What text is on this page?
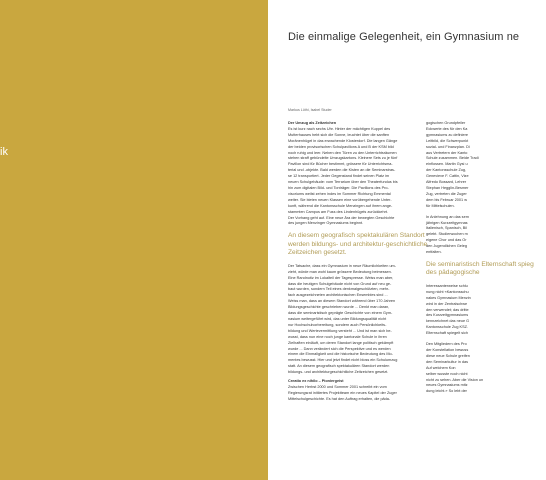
ik
Die einmalige Gelegenheit, ein Gymnasium ne
Markus Lüthi, Isabel Studer

Der Umzug als Zeitzeichen

Es ist kurz nach sechs Uhr. Hinter der mächtigen Kuppel des

Mutterhauses hebt sich die Sonne, leuchtet über die sanften

Moränenhügel in das erwachende Klosterdorf. Die langen Gänge

der beiden provisorischen Schulpavillons A und B der KSM bild

noch ruhig und leer. Neben den Türen zu den Unterrichtsräumen

stehen straff gebündelte Umzugskartons. Kleinere Sets zu je fünf

Pavillon sind für Bücher bestimmt, grössere für Unterrichtsma-

terial und -objekte. Bald werden die Kisten an die Seminarstras-

se 12 transportiert. Jeder Gegenstand findet seinen Platz im

neuen Schulgebäude: vom Terrarium über den Theaterfundus bis

hin zum digitalen Bild- und Tonträger. Die Pavillons des Pro-

visoriums weilst zehen indes im Sommer Richtung Emmental

weiter. Sie bieten neuen Klassen eine vorübergehende Unter-

kunft, während die Kantonsschule Menzingen auf ihrem ange-

stammten Campus am Fuss des Lindenhügels zurückkehrt.

Der Vorhang geht auf. Eine neue Ära der bewegten Geschichte

des jungen Menzinger Gymnasiums beginnt.

An diesem geografisch spektakulären Standort werden bildungs- und architektur-geschichtliche Zeitzeichen gesetzt.

Der Tatsache, dass ein Gymnasium in neue Räumlichkeiten um-

zieht, würde man wohl kaum grössere Bedeutung beimessen.

Eine Randnotiz im Lokalteil der Tagespresse. Weiss man aber,

dass die heutigen Schulgebäude nicht von Grund auf neu ge-

baut wurden, sondern Teil eines denkmalgeschützten, mehr-

fach ausgezeichneten architektonischen Ensembles sind ...

Weiss man, dass an diesem Standort während über 170 Jahren

Bildungsgeschichte geschrieben wurde ... Denkt man daran,

dass die seminaristisch geprägte Geschichte von einem Gym-

nasium weitergeführt wird, das unter Bildungsqualität nicht

nur Hochschulvorbereitung, sondern auch Persönlichkeits-

bildung und Wertevermittlung versteht ... Und ist man sich be-

wusst, dass nun eine noch junge kantonale Schule in ihren

Zielhaften einläuft, um deren Standort lange politisch gekämpft

wurde ... Dann verändert sich die Perspektive und es werden

einem die Einmaligkeit und die historische Bedeutung des Mo-

mentes bewusst. Hier und jetzt findet nicht bloss ein Schulumzug

statt. An diesem geografisch spektakulären Standort werden

bildungs- und architekturgeschichtliche Zeitzeichen gesetzt.

Creatio ex nihilo – Pioniergeist

Zwischen Herbst 2000 und Sommer 2001 schreibt ein vom

Regierungsrat initiiertes Projektteam ein neues Kapitel der Zuger

Mittelschulgeschichte. Es hat den Auftrag erhalten, die päda-

gogischen Grundpfeiler

Eckwerte des für den Ka

gymnasiums zu definiere

Leitbild, die Schwerpunkt

sozial- und Finanzplan. Di

aus Vertretern der Kanto

Schule zusammen. Beide Tradi

einflossen. Martin Gysi u

der Kantonsschule Zug,

Genevieve F. Cattin, Vize

Alfredo Bossard, Lehrer

Stephan Hegglin-Besmer

Zug, vertreten die Zuger

dem bis Februar 2001 w

für Mittelschulen.

In Anlehnung an das sem

jährigen Kurzzeitgymnas

Italienisch, Spanisch, Bil

gelebt. Studierwochen m

eigene Chor und das Or

den Jugendlichen Geleg

entfalten.

Die seminaristisch Elternschaft spieg des pädagogische

Interessanterweise schlu

nung nicht «Kantonsschu

nakes Gymnasium Menzin

wird in der Zentralschwe

den verwendet; das dritte

des Kurzzeitgymnasiums

kennzeichnet das neue G

Kantonsschule Zug KSZ.

Elternschaft spiegelt sich

Den Mitgliedern des Pro

der Konstellation bewuss

diese neue Schule greifen

den Seminarkultur in das

Auf welchem Kon

selber wusste noch nicht

nicht zu sehen. Aber die Vision un

neues Gymnasiums mitz

dung leicht.» So lebt der
